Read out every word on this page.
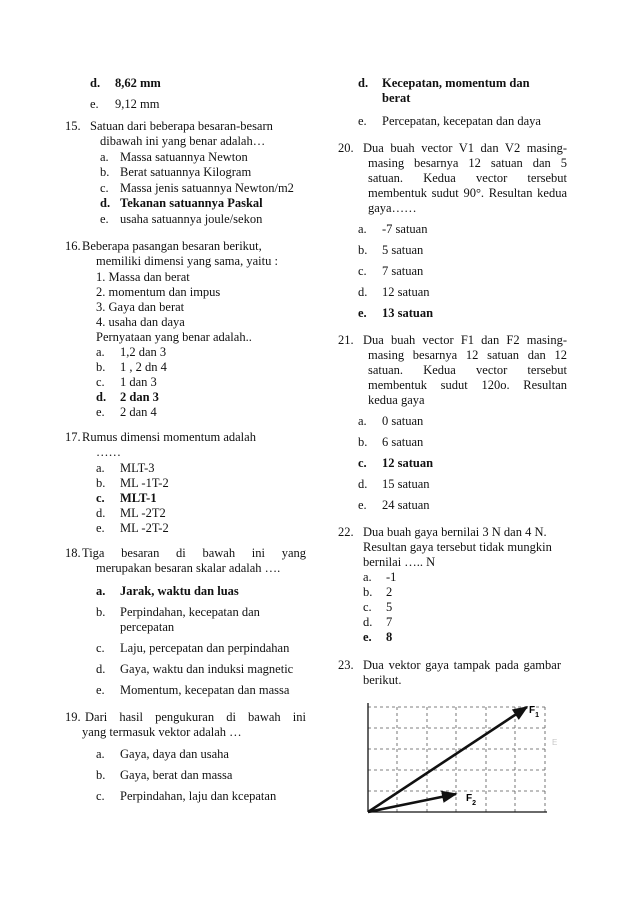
d. 8,62 mm
e. 9,12 mm
15. Satuan dari beberapa besaran-besarn
dibawah ini yang benar adalah…
a. Massa satuannya Newton
b. Berat satuannya Kilogram
c. Massa jenis satuannya Newton/m2
d. Tekanan satuannya Paskal
e. usaha satuannya joule/sekon
16. Beberapa pasangan besaran berikut,
memiliki dimensi yang sama, yaitu :
1. Massa dan berat
2. momentum dan impus
3. Gaya dan berat
4. usaha dan daya
Pernyataan yang benar adalah..
a. 1,2 dan 3
b. 1 , 2 dn 4
c. 1 dan 3
d. 2 dan 3
e. 2 dan 4
17. Rumus dimensi momentum adalah
……
a. MLT-3
b. ML -1T-2
c. MLT-1
d. ML -2T2
e. ML -2T-2
18. Tiga besaran di bawah ini yang
merupakan besaran skalar adalah ….
a. Jarak, waktu dan luas
b. Perpindahan, kecepatan dan
percepatan
c. Laju, percepatan dan perpindahan
d. Gaya, waktu dan induksi magnetic
e. Momentum, kecepatan dan massa
19. Dari hasil pengukuran di bawah ini
yang termasuk vektor adalah …
a. Gaya, daya dan usaha
b. Gaya, berat dan massa
c. Perpindahan, laju dan kcepatan
d. Kecepatan, momentum dan
berat
e. Percepatan, kecepatan dan daya
20. Dua buah vector V1 dan V2 masing-masing besarnya 12 satuan dan 5 satuan. Kedua vector tersebut membentuk sudut 90°. Resultan kedua gaya……
a. -7 satuan
b. 5 satuan
c. 7 satuan
d. 12 satuan
e. 13 satuan
21. Dua buah vector F1 dan F2 masing-masing besarnya 12 satuan dan 12 satuan. Kedua vector tersebut membentuk sudut 120o. Resultan kedua gaya
a. 0 satuan
b. 6 satuan
c. 12 satuan
d. 15 satuan
e. 24 satuan
22. Dua buah gaya bernilai 3 N dan 4 N.
Resultan gaya tersebut tidak mungkin
bernilai ….. N
a. -1
b. 2
c. 5
d. 7
e. 8
23. Dua vektor gaya tampak pada gambar
berikut.
$F_1$
$F_2$
E
